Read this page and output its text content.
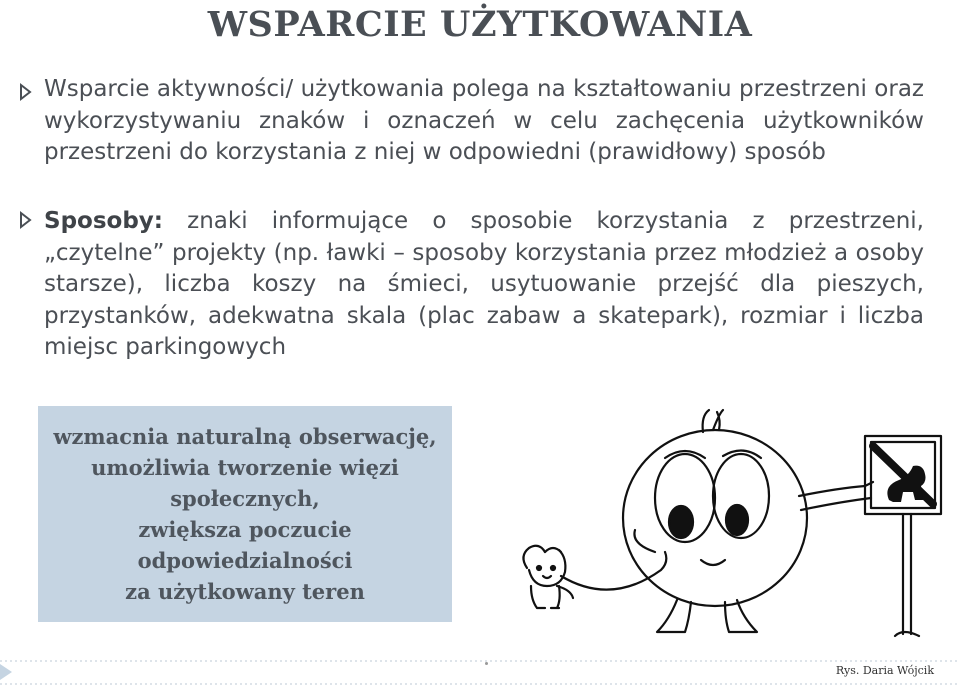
WSPARCIE UŻYTKOWANIA
Wsparcie aktywności/ użytkowania polega na kształtowaniu przestrzeni oraz wykorzystywaniu znaków i oznaczeń w celu zachęcenia użytkowników przestrzeni do korzystania z niej w odpowiedni (prawidłowy) sposób
Sposoby: znaki informujące o sposobie korzystania z przestrzeni, „czytelne” projekty (np. ławki – sposoby korzystania przez młodzież a osoby starsze), liczba koszy na śmieci, usytuowanie przejść dla pieszych, przystanków, adekwatna skala (plac zabaw a skatepark), rozmiar i liczba miejsc parkingowych
wzmacnia naturalną obserwację,
umożliwia tworzenie więzi
społecznych,
zwiększa poczucie
odpowiedzialności
za użytkowany teren
Rys. Daria Wójcik
